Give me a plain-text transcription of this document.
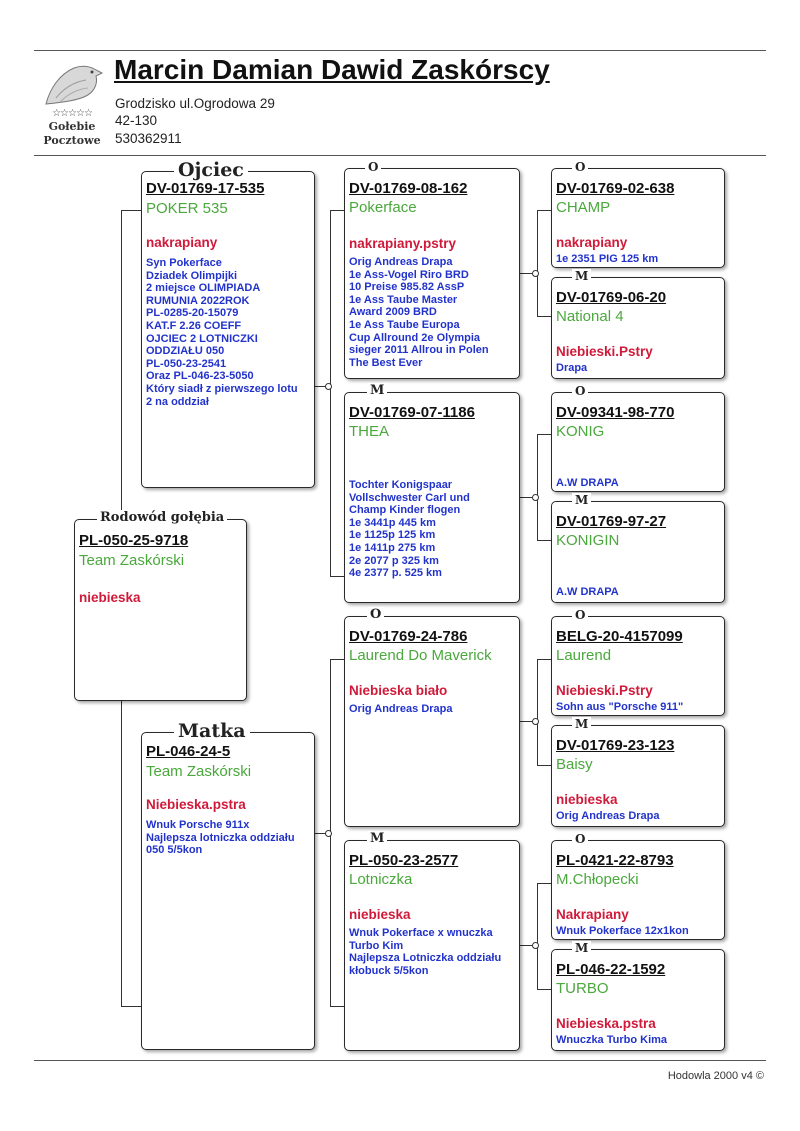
☆☆☆☆☆
Gołebie
Pocztowe
Marcin Damian Dawid Zaskórscy
Grodzisko ul.Ogrodowa 29
42-130
530362911
Rodowód gołębia
PL-050-25-9718
Team Zaskórski
niebieska
Ojciec
DV-01769-17-535
POKER 535
nakrapiany
Syn Pokerface
Dziadek Olimpijki
2 miejsce OLIMPIADA
RUMUNIA 2022ROK
PL-0285-20-15079
KAT.F 2.26 COEFF
OJCIEC 2 LOTNICZKI
ODDZIAŁU 050
PL-050-23-2541
Oraz PL-046-23-5050
Który siadł z pierwszego lotu
2 na oddział
Matka
PL-046-24-5
Team Zaskórski
Niebieska.pstra
Wnuk Porsche 911x
Najlepsza lotniczka oddziału
050 5/5kon
O
DV-01769-08-162
Pokerface
nakrapiany.pstry
Orig Andreas Drapa
1e Ass-Vogel Riro BRD
10 Preise 985.82 AssP
1e Ass Taube Master
Award 2009 BRD
1e Ass Taube Europa
Cup Allround 2e Olympia
sieger 2011 Allrou in Polen
The Best Ever
M
DV-01769-07-1186
THEA
Tochter Konigspaar
Vollschwester Carl und
Champ Kinder flogen
1e 3441p 445 km
1e 1125p 125 km
1e 1411p 275 km
2e 2077 p 325 km
4e 2377 p. 525 km
O
DV-01769-24-786
Laurend Do Maverick
Niebieska biało
Orig Andreas Drapa
M
PL-050-23-2577
Lotniczka
niebieska
Wnuk Pokerface x wnuczka
Turbo Kim
Najlepsza Lotniczka oddziału
kłobuck 5/5kon
O
DV-01769-02-638
CHAMP
nakrapiany
1e 2351 PIG 125 km
M
DV-01769-06-20
National 4
Niebieski.Pstry
Drapa
O
DV-09341-98-770
KONIG
A.W DRAPA
M
DV-01769-97-27
KONIGIN
A.W DRAPA
O
BELG-20-4157099
Laurend
Niebieski.Pstry
Sohn aus "Porsche 911"
M
DV-01769-23-123
Baisy
niebieska
Orig Andreas Drapa
O
PL-0421-22-8793
M.Chłopecki
Nakrapiany
Wnuk Pokerface 12x1kon
M
PL-046-22-1592
TURBO
Niebieska.pstra
Wnuczka Turbo Kima
Hodowla 2000 v4 ©
